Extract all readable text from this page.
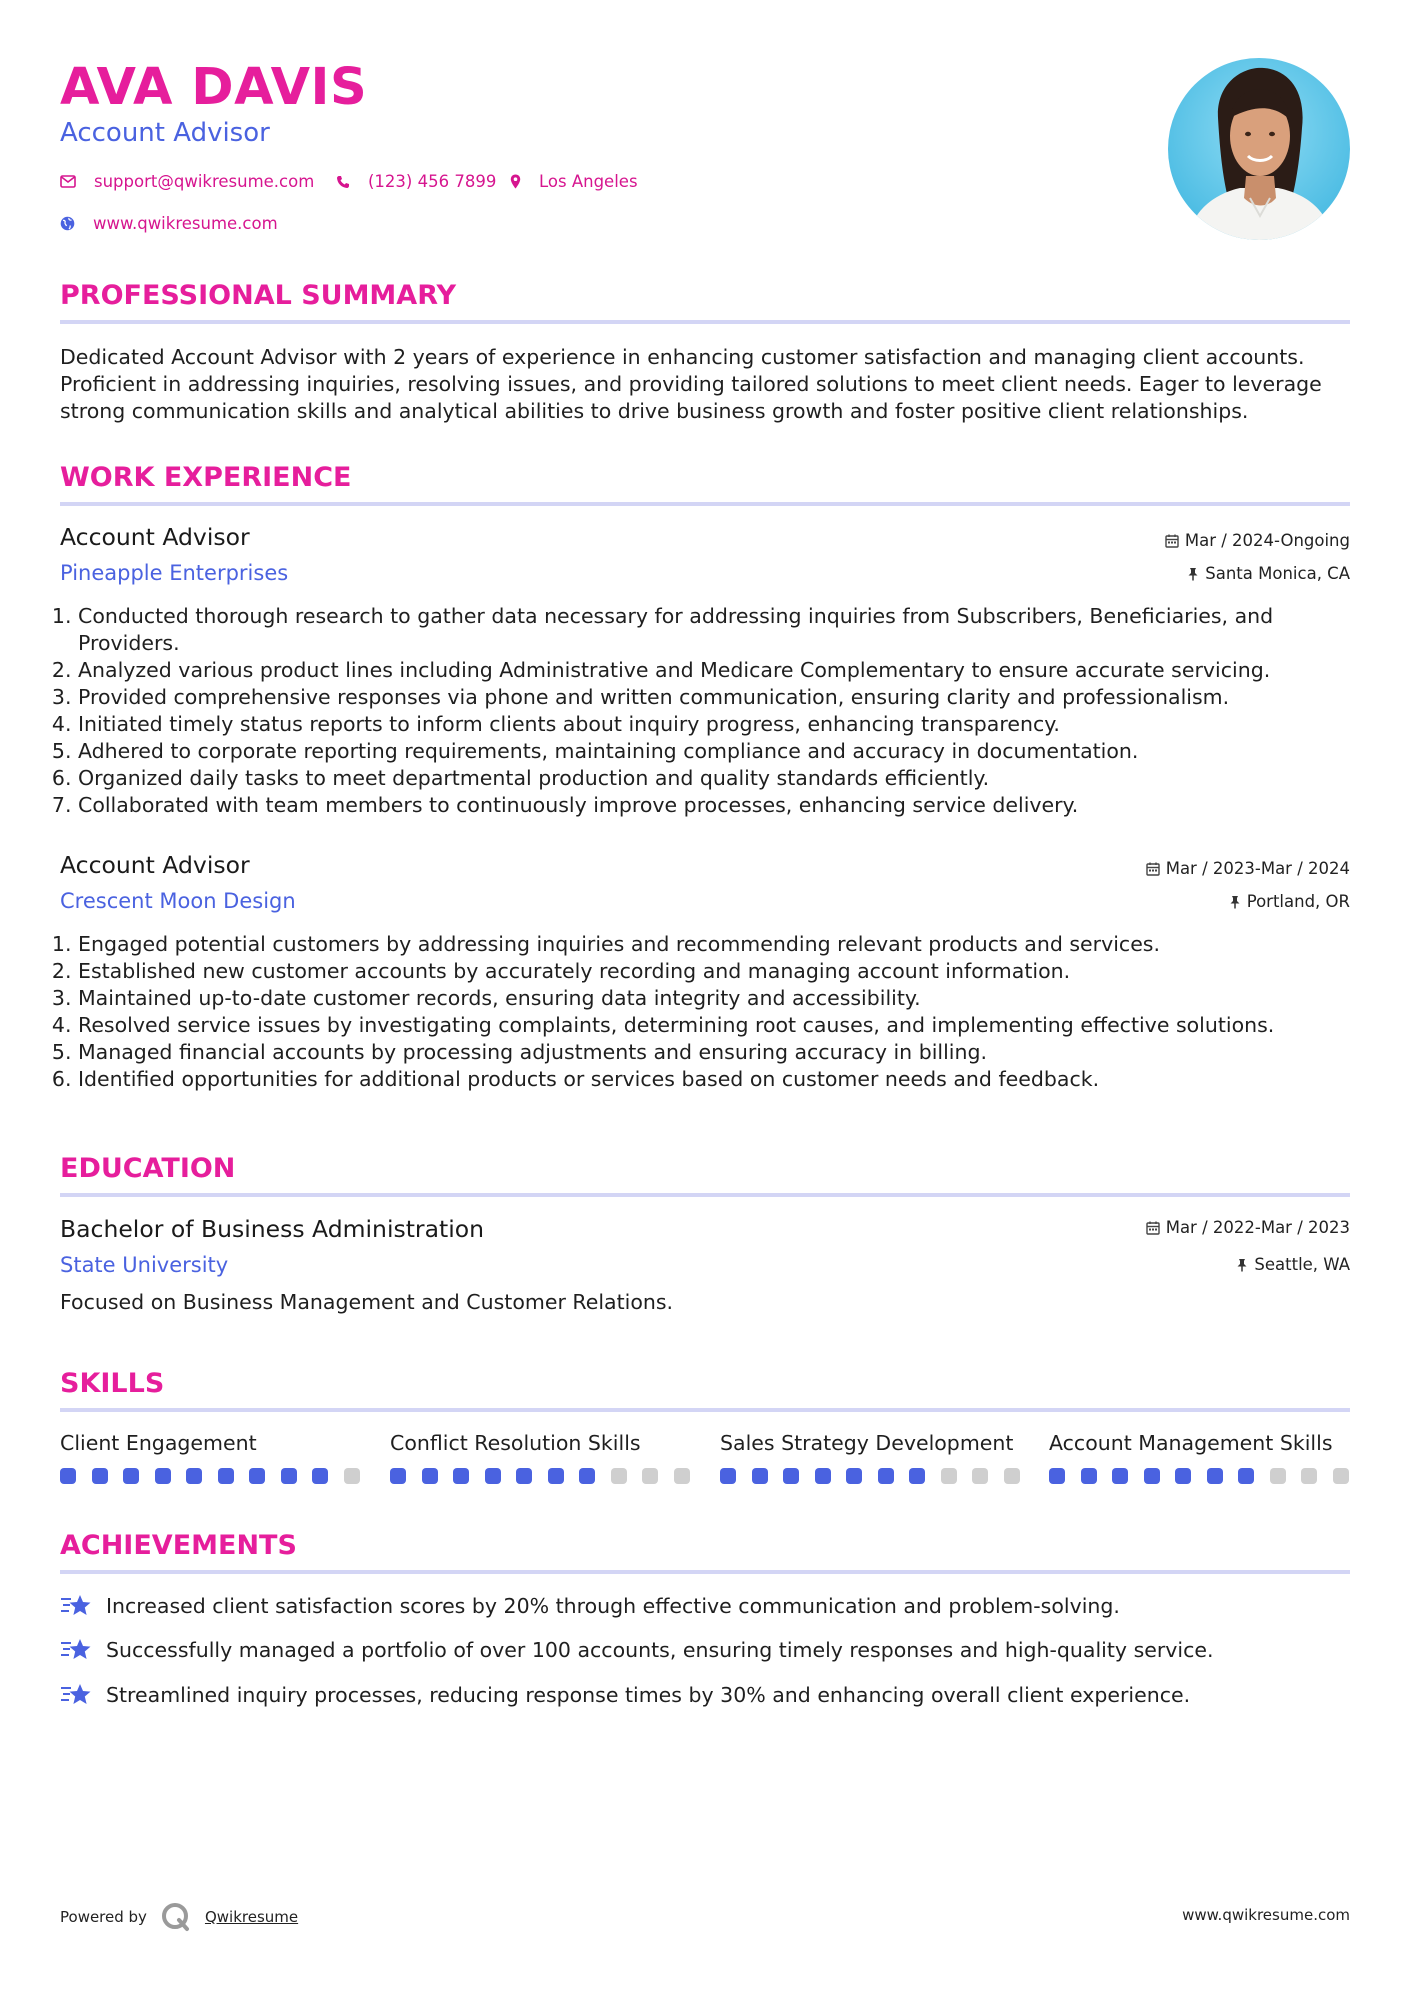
AVA DAVIS
Account Advisor
support@qwikresume.com	(123) 456 7899	Los Angeles
www.qwikresume.com
PROFESSIONAL SUMMARY
Dedicated Account Advisor with 2 years of experience in enhancing customer satisfaction and managing client accounts. Proficient in addressing inquiries, resolving issues, and providing tailored solutions to meet client needs. Eager to leverage strong communication skills and analytical abilities to drive business growth and foster positive client relationships.
WORK EXPERIENCE
Account Advisor	Mar / 2024-Ongoing
Pineapple Enterprises	Santa Monica, CA
1. Conducted thorough research to gather data necessary for addressing inquiries from Subscribers, Beneficiaries, and Providers.
2. Analyzed various product lines including Administrative and Medicare Complementary to ensure accurate servicing.
3. Provided comprehensive responses via phone and written communication, ensuring clarity and professionalism.
4. Initiated timely status reports to inform clients about inquiry progress, enhancing transparency.
5. Adhered to corporate reporting requirements, maintaining compliance and accuracy in documentation.
6. Organized daily tasks to meet departmental production and quality standards efficiently.
7. Collaborated with team members to continuously improve processes, enhancing service delivery.
Account Advisor	Mar / 2023-Mar / 2024
Crescent Moon Design	Portland, OR
1. Engaged potential customers by addressing inquiries and recommending relevant products and services.
2. Established new customer accounts by accurately recording and managing account information.
3. Maintained up-to-date customer records, ensuring data integrity and accessibility.
4. Resolved service issues by investigating complaints, determining root causes, and implementing effective solutions.
5. Managed financial accounts by processing adjustments and ensuring accuracy in billing.
6. Identified opportunities for additional products or services based on customer needs and feedback.
EDUCATION
Bachelor of Business Administration	Mar / 2022-Mar / 2023
State University	Seattle, WA
Focused on Business Management and Customer Relations.
SKILLS
Client Engagement	Conflict Resolution Skills	Sales Strategy Development	Account Management Skills
ACHIEVEMENTS
Increased client satisfaction scores by 20% through effective communication and problem-solving.
Successfully managed a portfolio of over 100 accounts, ensuring timely responses and high-quality service.
Streamlined inquiry processes, reducing response times by 30% and enhancing overall client experience.
Powered by	Qwikresume	www.qwikresume.com
